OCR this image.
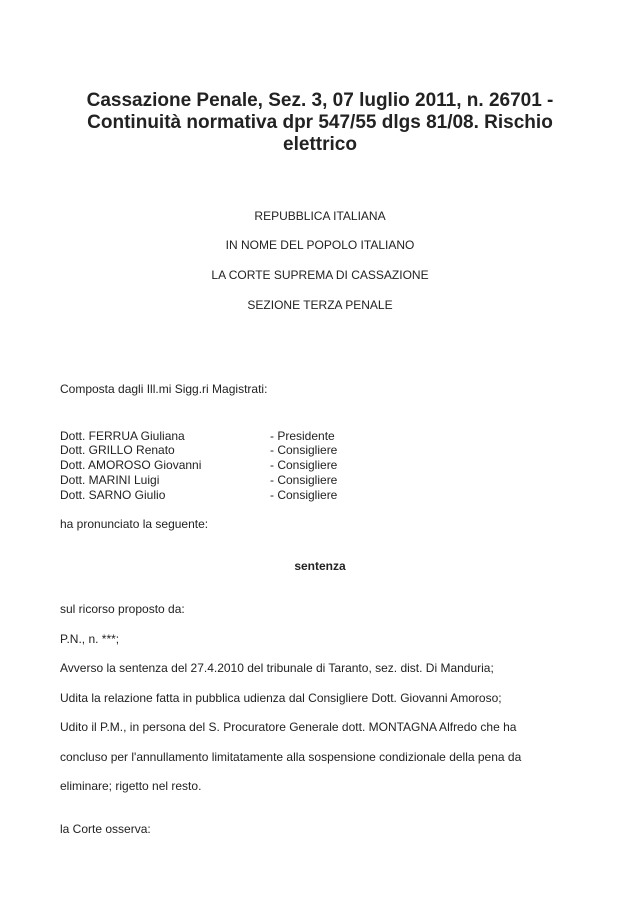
Cassazione Penale, Sez. 3, 07 luglio 2011, n. 26701 -
Continuità normativa dpr 547/55 dlgs 81/08. Rischio
elettrico
REPUBBLICA ITALIANA
IN NOME DEL POPOLO ITALIANO
LA CORTE SUPREMA DI CASSAZIONE
SEZIONE TERZA PENALE
Composta dagli Ill.mi Sigg.ri Magistrati:
Dott. FERRUA Giuliana	- Presidente
Dott. GRILLO Renato	- Consigliere
Dott. AMOROSO Giovanni	- Consigliere
Dott. MARINI Luigi	- Consigliere
Dott. SARNO Giulio	- Consigliere
ha pronunciato la seguente:
sentenza
sul ricorso proposto da:
P.N., n. ***;
Avverso la sentenza del 27.4.2010 del tribunale di Taranto, sez. dist. Di Manduria;
Udita la relazione fatta in pubblica udienza dal Consigliere Dott. Giovanni Amoroso;
Udito il P.M., in persona del S. Procuratore Generale dott. MONTAGNA Alfredo che ha
concluso per l'annullamento limitatamente alla sospensione condizionale della pena da
eliminare; rigetto nel resto.
la Corte osserva:
